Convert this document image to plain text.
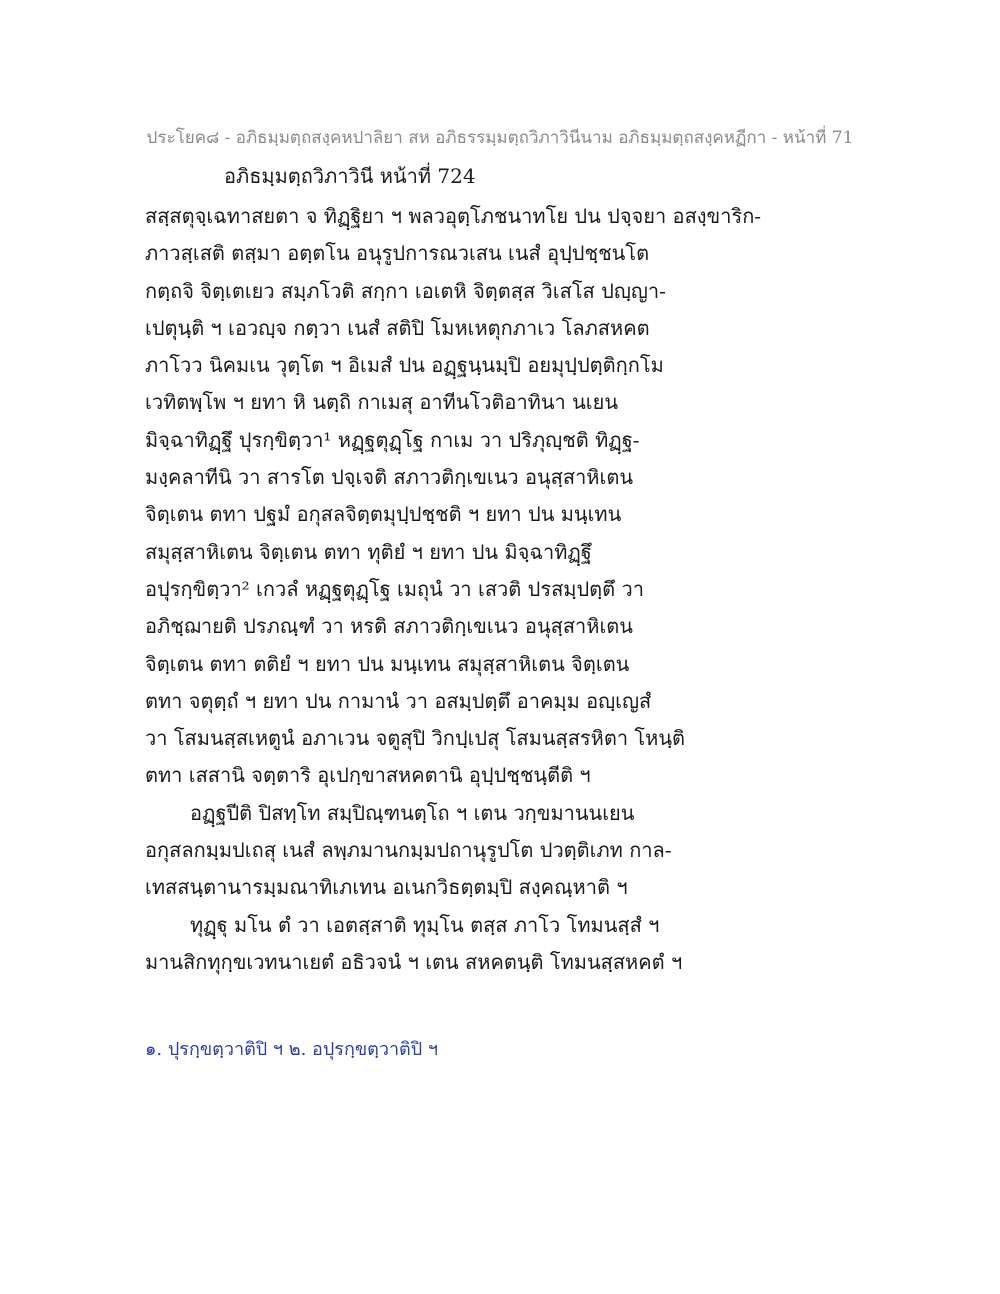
ประโยค๘ - อภิธมฺมตฺถสงฺคหปาลิยา สห อภิธรรมฺมตฺถวิภาวินีนาม อภิธมฺมตฺถสงฺคหฏีกา - หน้าที่ 71
อภิธมฺมตฺถวิภาวินี หน้าที่ 724
สสฺสตุจฺเฉทาสยตา จ ทิฏฺฐิยา ฯ พลวอุตฺโภชนาทโย ปน ปจฺจยา อสงฺขาริก-
ภาวสฺเสติ ตสฺมา อตฺตโน อนุรูปการณวเสน เนสํ อุปฺปชฺชนโต
กตฺถจิ จิตฺเตเยว สมฺภโวติ สกฺกา เอเตหิ จิตฺตสฺส วิเสโส ปญฺญา-
เปตุนฺติ ฯ เอวญฺจ กตฺวา เนสํ สติปิ โมหเหตุกภาเว โลภสหคต
ภาโวว นิคมเน วุตฺโต ฯ อิเมสํ ปน อฏฺฐนฺนมฺปิ อยมุปฺปตฺติกฺกโม
เวทิตพฺโพ ฯ ยทา หิ นตฺถิ กาเมสุ อาทีนโวติอาทินา นเยน
มิจฺฉาทิฏฺฐึ ปุรกฺขิตฺวา¹ หฏฺฐตุฏฺโฐ กาเม วา ปริภุญฺชติ ทิฏฺฐ-
มงฺคลาทีนิ วา สารโต ปจฺเจติ สภาวติกฺเขเนว อนุสฺสาหิเตน
จิตฺเตน ตทา ปฐมํ อกุสลจิตฺตมุปฺปชฺชติ ฯ ยทา ปน มนฺเทน
สมุสฺสาหิเตน จิตฺเตน ตทา ทุติยํ ฯ ยทา ปน มิจฺฉาทิฏฺฐึ
อปุรกฺขิตฺวา² เกวลํ หฏฺฐตุฏฺโฐ เมถุนํ วา เสวติ ปรสมฺปตฺตึ วา
อภิชฺฌายติ ปรภณฺฑํ วา หรติ สภาวติกฺเขเนว อนุสฺสาหิเตน
จิตฺเตน ตทา ตติยํ ฯ ยทา ปน มนฺเทน สมุสฺสาหิเตน จิตฺเตน
ตทา จตุตฺถํ ฯ ยทา ปน กามานํ วา อสมฺปตฺตึ อาคมฺม อญฺเญสํ
วา โสมนสฺสเหตูนํ อภาเวน จตูสุปิ วิกปฺเปสุ โสมนสฺสรหิตา โหนฺติ
ตทา เสสานิ จตฺตาริ อุเปกฺขาสหคตานิ อุปฺปชฺชนฺตีติ ฯ
อฏฺฐปีติ ปิสทฺโท สมฺปิณฺฑนตฺโถ ฯ เตน วกฺขมานนเยน
อกุสลกมฺมปเถสุ เนสํ ลพฺภมานกมฺมปถานุรูปโต ปวตฺติเภท กาล-
เทสสนฺตานารมฺมณาทิเภเทน อเนกวิธตฺตมฺปิ สงฺคณฺหาติ ฯ
ทุฏฺฐุ มโน ตํ วา เอตสฺสาติ ทุมฺโน ตสฺส ภาโว โทมนสฺสํ ฯ
มานสิกทุกฺขเวทนาเยตํ อธิวจนํ ฯ เตน สหคตนฺติ โทมนสฺสหคตํ ฯ
๑. ปุรกฺขตฺวาติปิ ฯ ๒. อปุรกฺขตฺวาติปิ ฯ
